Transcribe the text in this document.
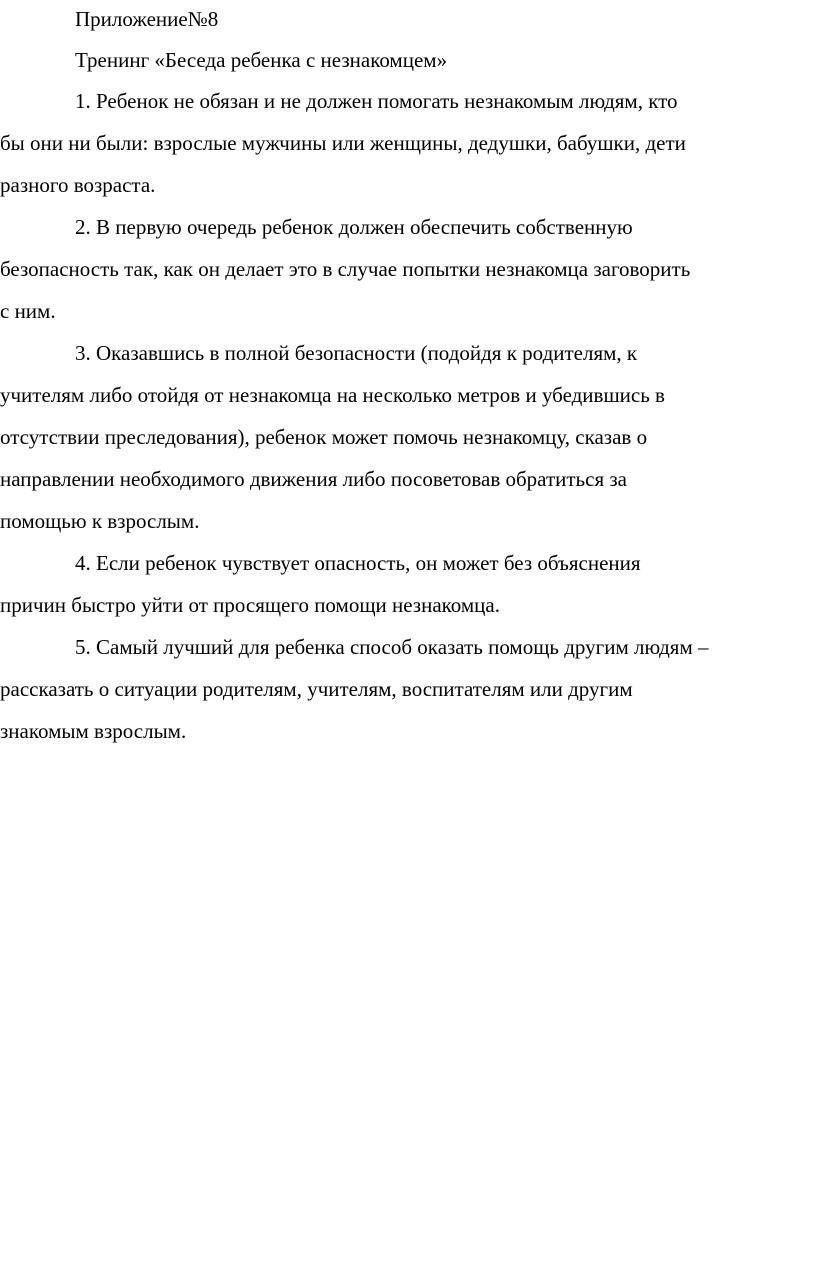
Приложение№8

Тренинг «Беседа ребенка с незнакомцем»

1. Ребенок не обязан и не должен помогать незнакомым людям, кто
бы они ни были: взрослые мужчины или женщины, дедушки, бабушки, дети
разного возраста.
2. В первую очередь ребенок должен обеспечить собственную
безопасность так, как он делает это в случае попытки незнакомца заговорить
с ним.
3. Оказавшись в полной безопасности (подойдя к родителям, к
учителям либо отойдя от незнакомца на несколько метров и убедившись в
отсутствии преследования), ребенок может помочь незнакомцу, сказав о
направлении необходимого движения либо посоветовав обратиться за
помощью к взрослым.
4. Если ребенок чувствует опасность, он может без объяснения
причин быстро уйти от просящего помощи незнакомца.
5. Самый лучший для ребенка способ оказать помощь другим людям –
рассказать о ситуации родителям, учителям, воспитателям или другим
знакомым взрослым.
